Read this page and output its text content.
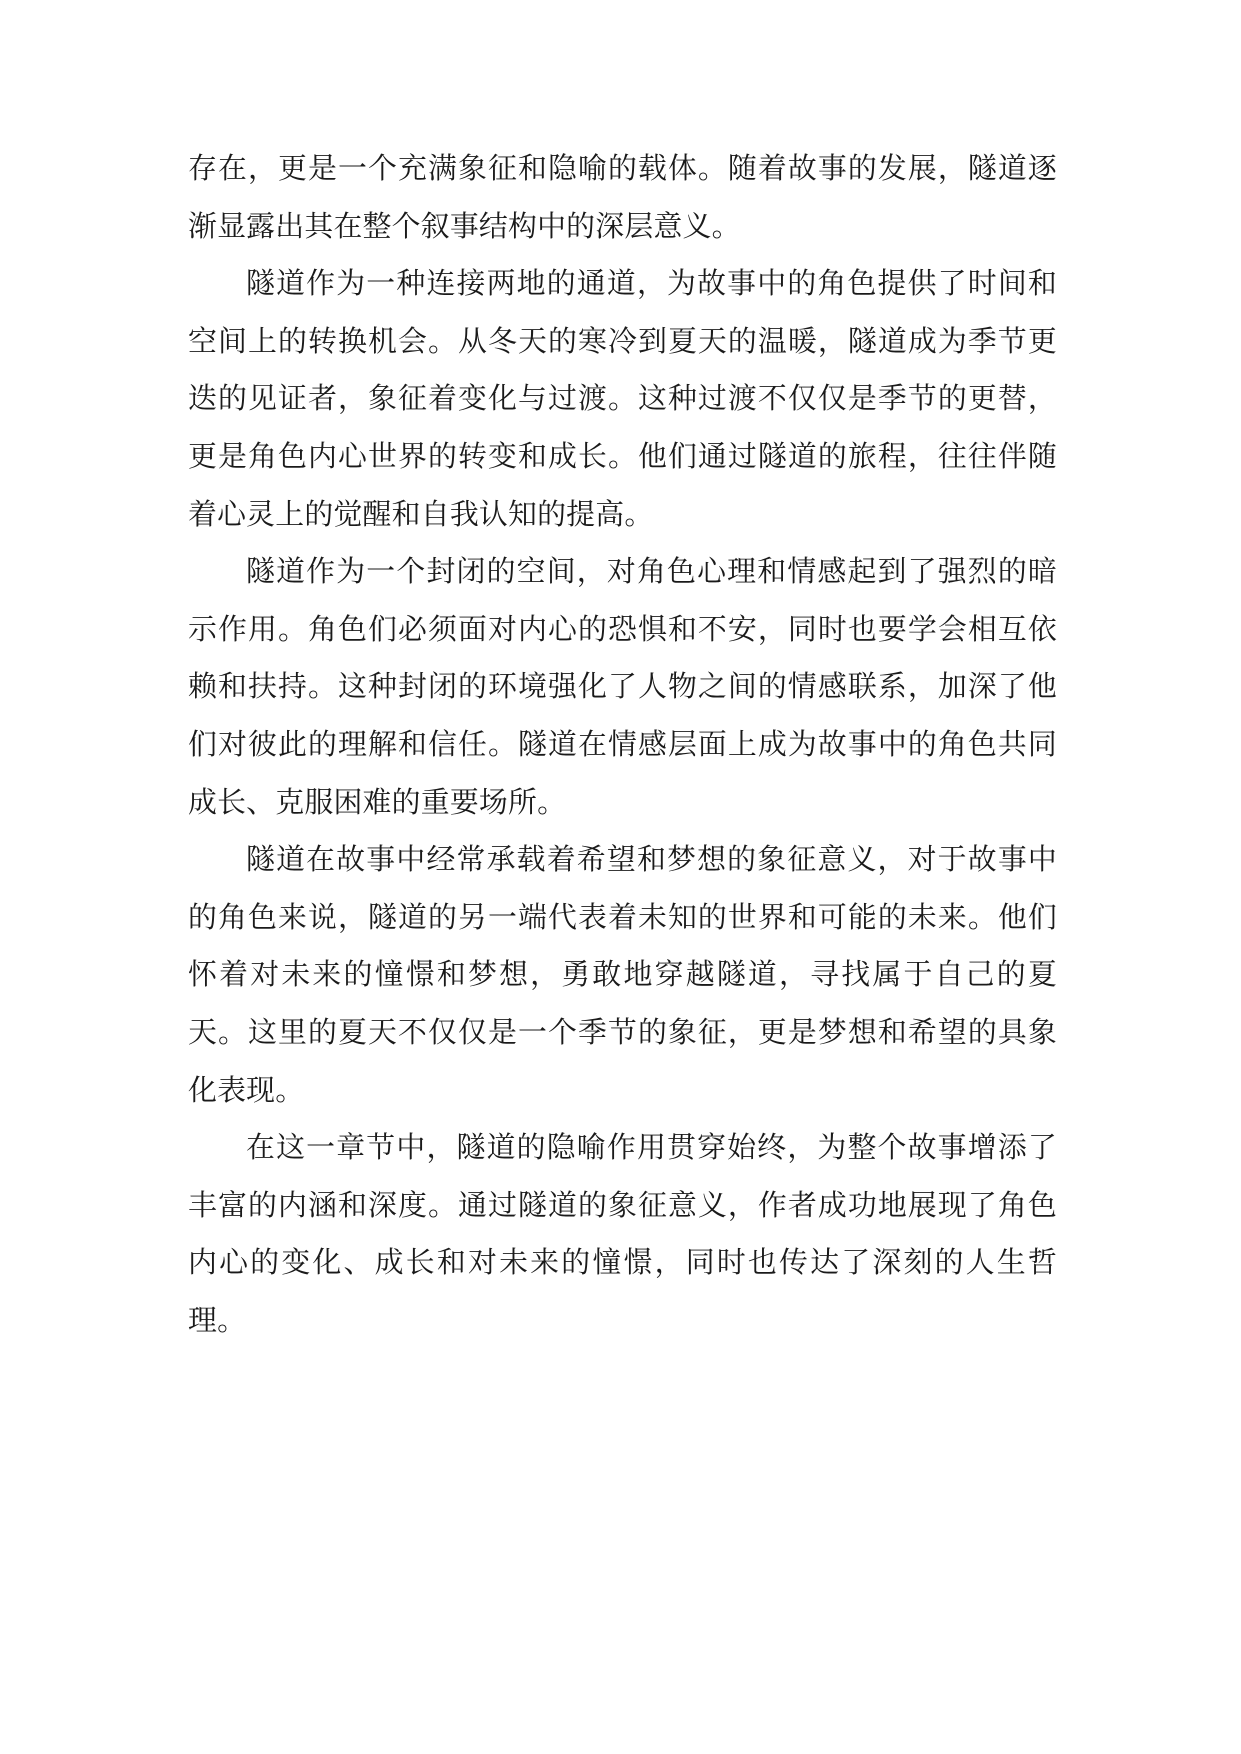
存在，更是一个充满象征和隐喻的载体。随着故事的发展，隧道逐渐显露出其在整个叙事结构中的深层意义。

隧道作为一种连接两地的通道，为故事中的角色提供了时间和空间上的转换机会。从冬天的寒冷到夏天的温暖，隧道成为季节更迭的见证者，象征着变化与过渡。这种过渡不仅仅是季节的更替，更是角色内心世界的转变和成长。他们通过隧道的旅程，往往伴随着心灵上的觉醒和自我认知的提高。

隧道作为一个封闭的空间，对角色心理和情感起到了强烈的暗示作用。角色们必须面对内心的恐惧和不安，同时也要学会相互依赖和扶持。这种封闭的环境强化了人物之间的情感联系，加深了他们对彼此的理解和信任。隧道在情感层面上成为故事中的角色共同成长、克服困难的重要场所。

隧道在故事中经常承载着希望和梦想的象征意义，对于故事中的角色来说，隧道的另一端代表着未知的世界和可能的未来。他们怀着对未来的憧憬和梦想，勇敢地穿越隧道，寻找属于自己的夏天。这里的夏天不仅仅是一个季节的象征，更是梦想和希望的具象化表现。

在这一章节中，隧道的隐喻作用贯穿始终，为整个故事增添了丰富的内涵和深度。通过隧道的象征意义，作者成功地展现了角色内心的变化、成长和对未来的憧憬，同时也传达了深刻的人生哲理。
